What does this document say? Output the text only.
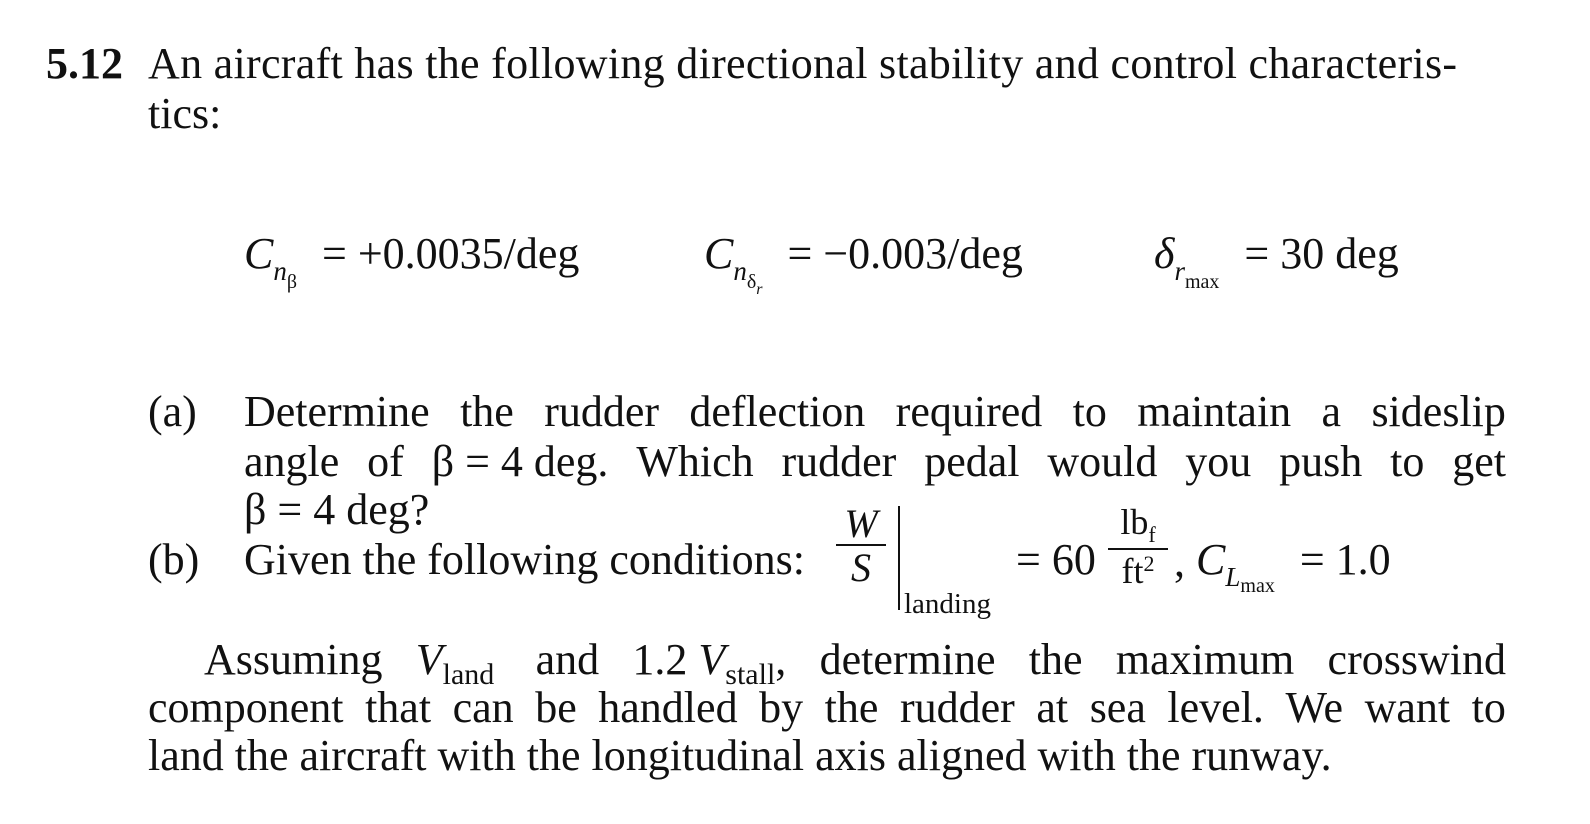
5.12 An aircraft has the following directional stability and control characteris-
tics:
$C_{n\beta} = +0.0035/deg$	$C_{n\delta r} = -0.003/deg$	$\delta_{rmax} = 30$ deg
(a) Determine the rudder deflection required to maintain a sideslip
angle of β = 4 deg. Which rudder pedal would you push to get
β = 4 deg?
(b) Given the following conditions:
W
S
landing
= 60
$lb_f$
$ft^2$ , $C_{Lmax} = 1.0$
Assuming $V_{land}$ and 1.2 $V_{stall}$, determine the maximum crosswind
component that can be handled by the rudder at sea level. We want to
land the aircraft with the longitudinal axis aligned with the runway.
